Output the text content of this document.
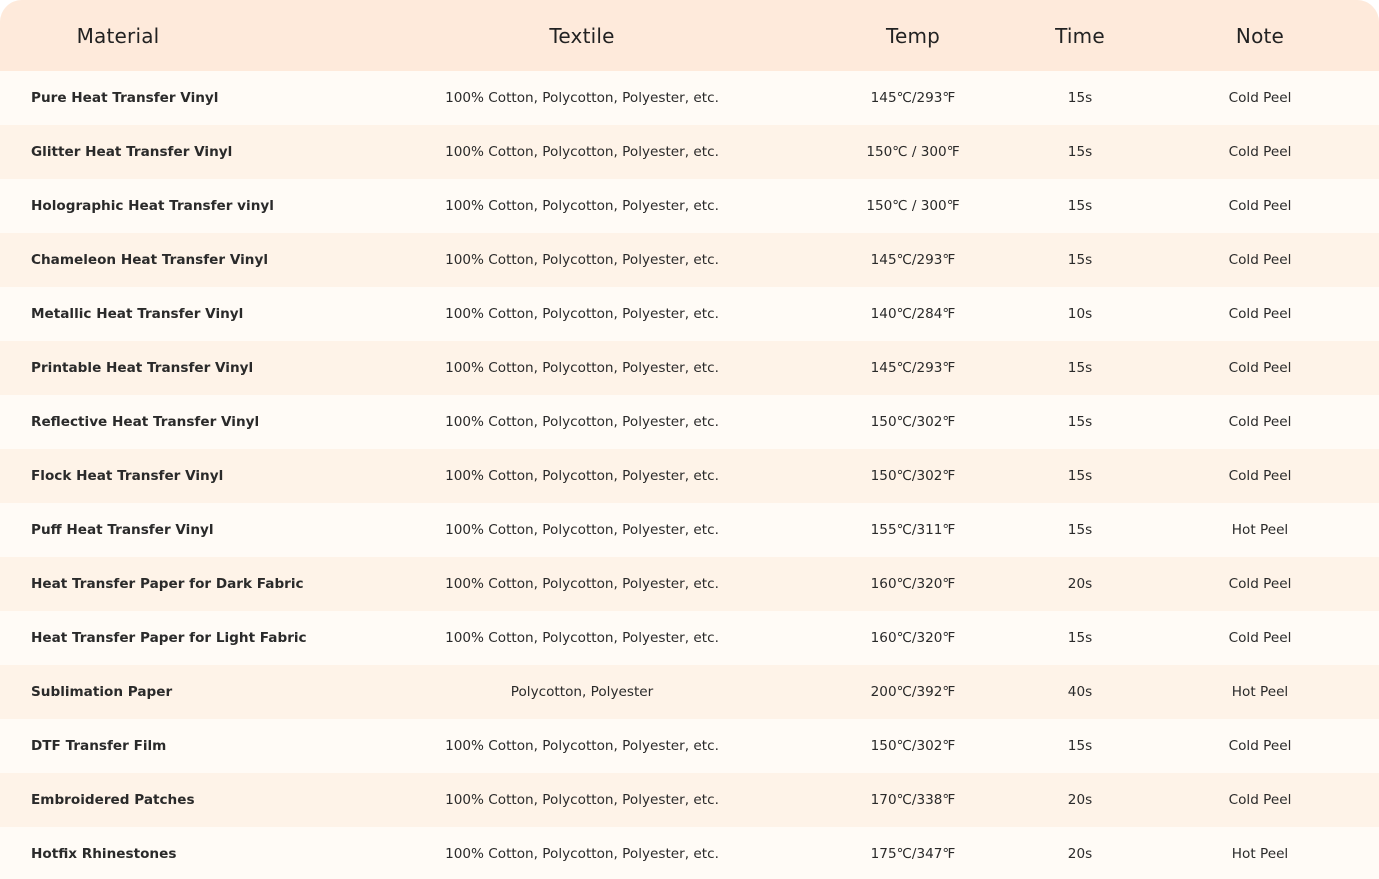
Material	Textile	Temp	Time	Note
Pure Heat Transfer Vinyl	100% Cotton, Polycotton, Polyester, etc.	145℃/293℉	15s	Cold Peel
Glitter Heat Transfer Vinyl	100% Cotton, Polycotton, Polyester, etc.	150℃ / 300℉	15s	Cold Peel
Holographic Heat Transfer vinyl	100% Cotton, Polycotton, Polyester, etc.	150℃ / 300℉	15s	Cold Peel
Chameleon Heat Transfer Vinyl	100% Cotton, Polycotton, Polyester, etc.	145℃/293℉	15s	Cold Peel
Metallic Heat Transfer Vinyl	100% Cotton, Polycotton, Polyester, etc.	140℃/284℉	10s	Cold Peel
Printable Heat Transfer Vinyl	100% Cotton, Polycotton, Polyester, etc.	145℃/293℉	15s	Cold Peel
Reflective Heat Transfer Vinyl	100% Cotton, Polycotton, Polyester, etc.	150℃/302℉	15s	Cold Peel
Flock Heat Transfer Vinyl	100% Cotton, Polycotton, Polyester, etc.	150℃/302℉	15s	Cold Peel
Puff Heat Transfer Vinyl	100% Cotton, Polycotton, Polyester, etc.	155℃/311℉	15s	Hot Peel
Heat Transfer Paper for Dark Fabric	100% Cotton, Polycotton, Polyester, etc.	160℃/320℉	20s	Cold Peel
Heat Transfer Paper for Light Fabric	100% Cotton, Polycotton, Polyester, etc.	160℃/320℉	15s	Cold Peel
Sublimation Paper	Polycotton, Polyester	200℃/392℉	40s	Hot Peel
DTF Transfer Film	100% Cotton, Polycotton, Polyester, etc.	150℃/302℉	15s	Cold Peel
Embroidered Patches	100% Cotton, Polycotton, Polyester, etc.	170℃/338℉	20s	Cold Peel
Hotfix Rhinestones	100% Cotton, Polycotton, Polyester, etc.	175℃/347℉	20s	Hot Peel
